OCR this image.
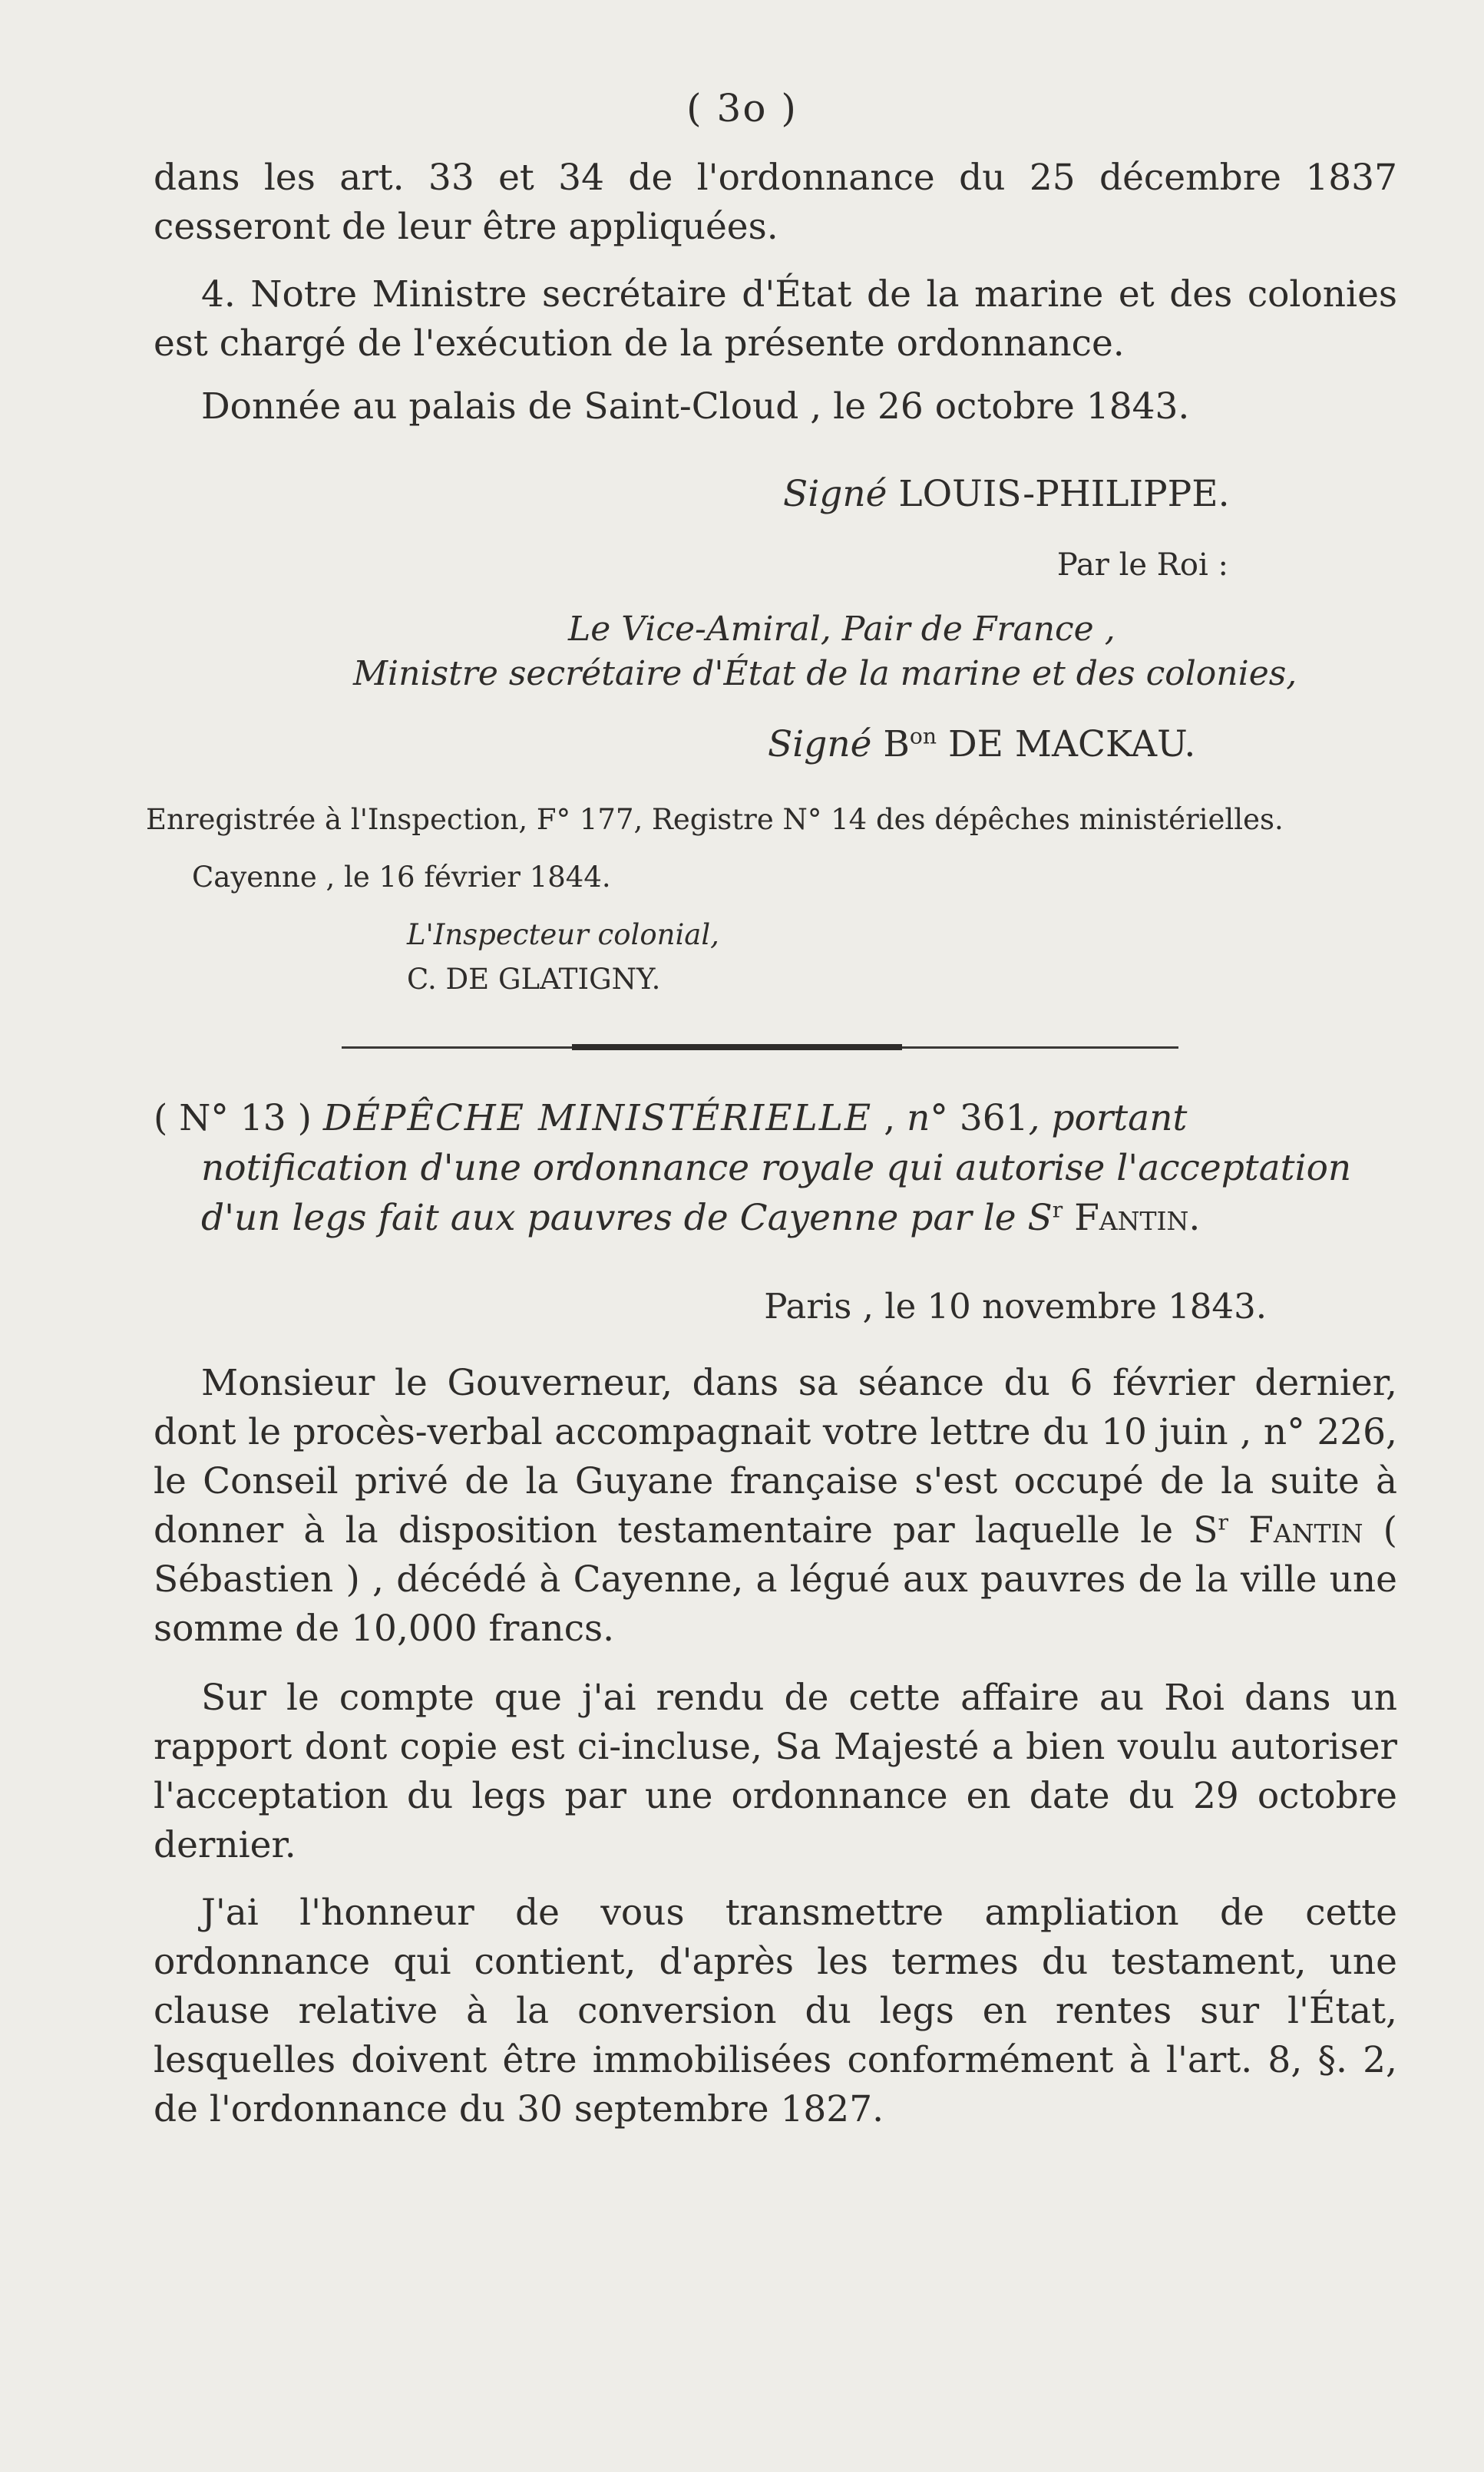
( 3o )
dans les art. 33 et 34 de l'ordonnance du 25 décembre 1837 cesseront de leur être appliquées.
4. Notre Ministre secrétaire d'État de la marine et des colonies est chargé de l'exécution de la présente ordonnance.
Donnée au palais de Saint-Cloud , le 26 octobre 1843.
Signé LOUIS-PHILIPPE.
Par le Roi :
Le Vice-Amiral, Pair de France ,
Ministre secrétaire d'État de la marine et des colonies,
Signé $B^{on}$ DE MACKAU.
Enregistrée à l'Inspection, F° 177, Registre N° 14 des dépêches ministérielles.
Cayenne , le 16 février 1844.
L'Inspecteur colonial,
C. DE GLATIGNY.
( N° 13 ) DÉPÊCHE MINISTÉRIELLE , n° 361, portant
notification d'une ordonnance royale qui autorise l'acceptation
d'un legs fait aux pauvres de Cayenne par le $S^r$ Fantin.
Paris , le 10 novembre 1843.
Monsieur le Gouverneur, dans sa séance du 6 février dernier, dont le procès-verbal accompagnait votre lettre du 10 juin , n° 226, le Conseil privé de la Guyane française s'est occupé de la suite à donner à la disposition testamentaire par laquelle le $S^r$ Fantin ( Sébastien ) , décédé à Cayenne, a légué aux pauvres de la ville une somme de 10,000 francs.
Sur le compte que j'ai rendu de cette affaire au Roi dans un rapport dont copie est ci-incluse, Sa Majesté a bien voulu autoriser l'acceptation du legs par une ordonnance en date du 29 octobre dernier.
J'ai l'honneur de vous transmettre ampliation de cette ordonnance qui contient, d'après les termes du testament, une clause relative à la conversion du legs en rentes sur l'État, lesquelles doivent être immobilisées conformément à l'art. 8, §. 2, de l'ordonnance du 30 septembre 1827.
